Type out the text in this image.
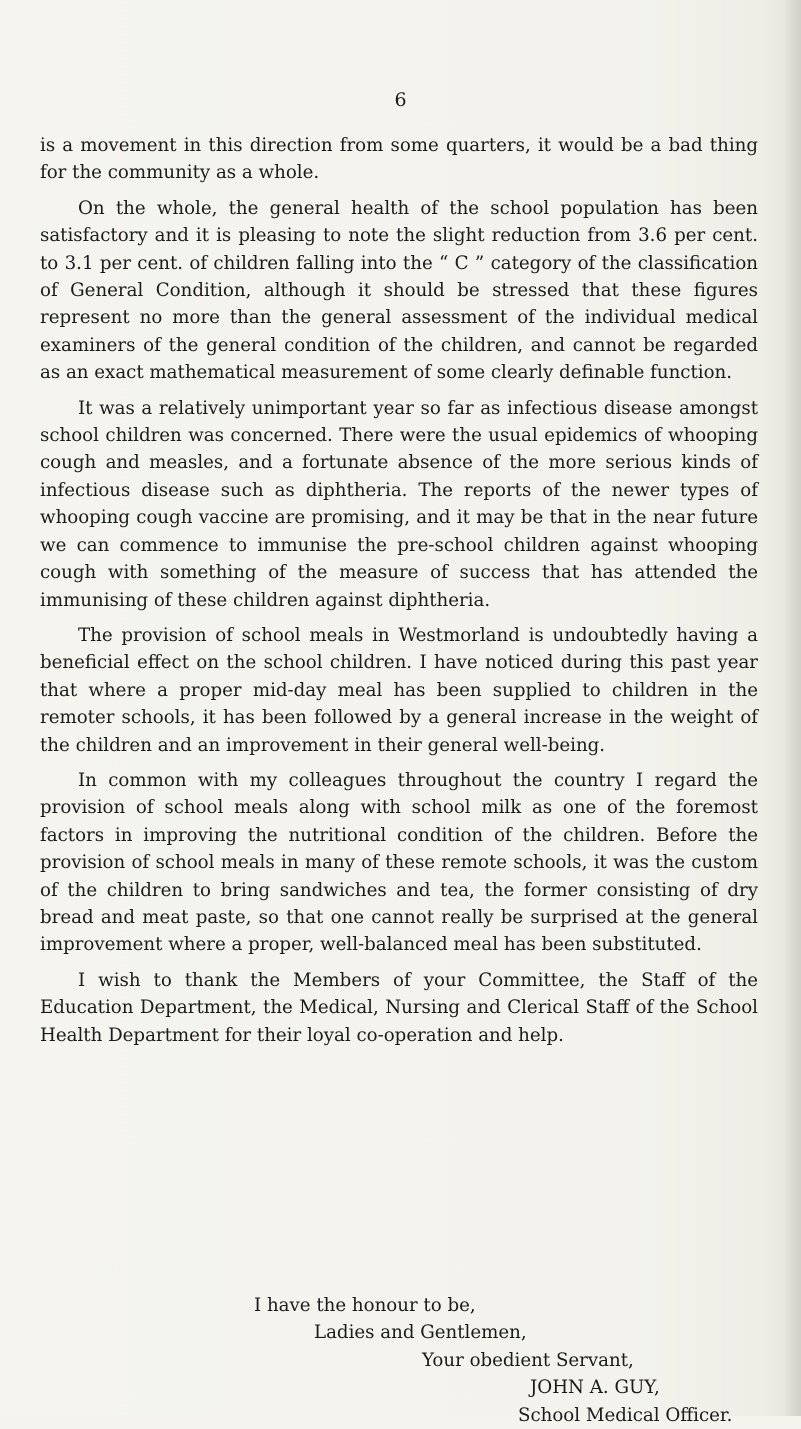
6

is a movement in this direction from some quarters, it would be a bad thing for the community as a whole.

On the whole, the general health of the school population has been satisfactory and it is pleasing to note the slight reduction from 3.6 per cent. to 3.1 per cent. of children falling into the “ C ” category of the classification of General Condition, although it should be stressed that these figures represent no more than the general assessment of the individual medical examiners of the general condition of the children, and cannot be regarded as an exact mathematical measurement of some clearly definable function.

It was a relatively unimportant year so far as infectious disease amongst school children was concerned. There were the usual epidemics of whooping cough and measles, and a fortunate absence of the more serious kinds of infectious disease such as diphtheria. The reports of the newer types of whooping cough vaccine are promising, and it may be that in the near future we can commence to immunise the pre-school children against whooping cough with something of the measure of success that has attended the immunising of these children against diphtheria.

The provision of school meals in Westmorland is undoubtedly having a beneficial effect on the school children. I have noticed during this past year that where a proper mid-day meal has been supplied to children in the remoter schools, it has been followed by a general increase in the weight of the children and an improvement in their general well-being.

In common with my colleagues throughout the country I regard the provision of school meals along with school milk as one of the foremost factors in improving the nutritional condition of the children. Before the provision of school meals in many of these remote schools, it was the custom of the children to bring sandwiches and tea, the former consisting of dry bread and meat paste, so that one cannot really be surprised at the general improvement where a proper, well-balanced meal has been substituted.

I wish to thank the Members of your Committee, the Staff of the Education Department, the Medical, Nursing and Clerical Staff of the School Health Department for their loyal co-operation and help.

I have the honour to be,
Ladies and Gentlemen,
Your obedient Servant,
JOHN A. GUY,
School Medical Officer.
